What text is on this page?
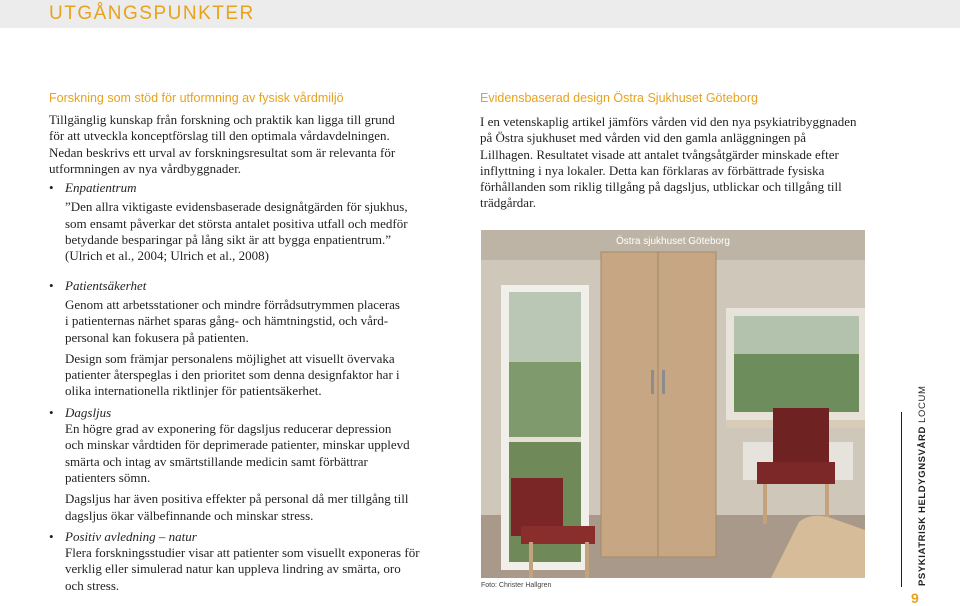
UTGÅNGSPUNKTER
Forskning som stöd för utformning av fysisk vårdmiljö

Tillgänglig kunskap från forskning och praktik kan ligga till grund

för att utveckla konceptförslag till den optimala vårdavdelningen.

Nedan beskrivs ett urval av forskningsresultat som är relevanta för

utformningen av nya vårdbyggnader.

• Enpatientrum

”Den allra viktigaste evidensbaserade designåtgärden för sjukhus,

som ensamt påverkar det största antalet positiva utfall och medför

betydande besparingar på lång sikt är att bygga enpatientrum.”

(Ulrich et al., 2004; Ulrich et al., 2008)

• Patientsäkerhet

Genom att arbetsstationer och mindre förrådsutrymmen placeras

i patienternas närhet sparas gång- och hämtningstid, och vård-

personal kan fokusera på patienten.

Design som främjar personalens möjlighet att visuellt övervaka

patienter återspeglas i den prioritet som denna designfaktor har i

olika internationella riktlinjer för patientsäkerhet.

• Dagsljus

En högre grad av exponering för dagsljus reducerar depression

och minskar vårdtiden för deprimerade patienter, minskar upplevd

smärta och intag av smärtstillande medicin samt förbättrar

patienters sömn.

Dagsljus har även positiva effekter på personal då mer tillgång till

dagsljus ökar välbefinnande och minskar stress.

• Positiv avledning – natur

Flera forskningsstudier visar att patienter som visuellt exponeras för

verklig eller simulerad natur kan uppleva lindring av smärta, oro

och stress.

Evidensbaserad design Östra Sjukhuset Göteborg

I en vetenskaplig artikel jämförs vården vid den nya psykiatribyggnaden

på Östra sjukhuset med vården vid den gamla anläggningen på

Lillhagen. Resultatet visade att antalet tvångsåtgärder minskade efter

inflyttning i nya lokaler. Detta kan förklaras av förbättrade fysiska

förhållanden som riklig tillgång på dagsljus, utblickar och tillgång till

trädgårdar.

Östra sjukhuset Göteborg
Foto: Christer Hallgren	PSYKIATRISK HELDYGNSVÅRD LOCUM
9
